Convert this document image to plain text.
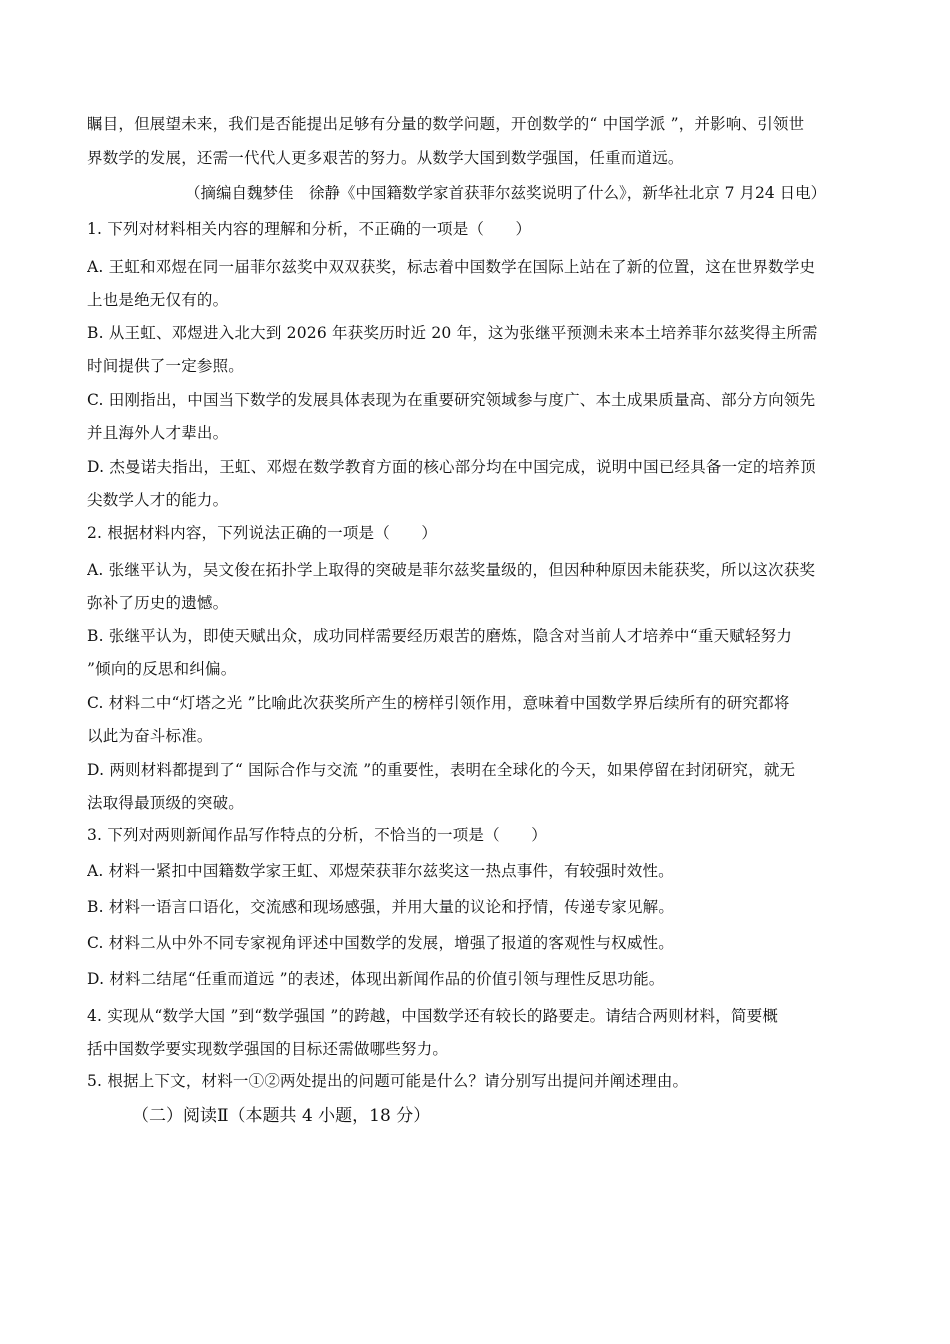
瞩目，但展望未来，我们是否能提出足够有分量的数学问题，开创数学的“ 中国学派 ”，并影响、引领世
界数学的发展，还需一代代人更多艰苦的努力。从数学大国到数学强国，任重而道远。
（摘编自魏梦佳　徐静《中国籍数学家首获菲尔兹奖说明了什么》，新华社北京 7 月24 日电）
1. 下列对材料相关内容的理解和分析，不正确的一项是（　　）
A. 王虹和邓煜在同一届菲尔兹奖中双双获奖，标志着中国数学在国际上站在了新的位置，这在世界数学史
上也是绝无仅有的。
B. 从王虹、邓煜进入北大到 2026 年获奖历时近 20 年，这为张继平预测未来本土培养菲尔兹奖得主所需
时间提供了一定参照。
C. 田刚指出，中国当下数学的发展具体表现为在重要研究领域参与度广、本土成果质量高、部分方向领先
并且海外人才辈出。
D. 杰曼诺夫指出，王虹、邓煜在数学教育方面的核心部分均在中国完成，说明中国已经具备一定的培养顶
尖数学人才的能力。
2. 根据材料内容，下列说法正确的一项是（　　）
A. 张继平认为，吴文俊在拓扑学上取得的突破是菲尔兹奖量级的，但因种种原因未能获奖，所以这次获奖
弥补了历史的遗憾。
B. 张继平认为，即使天赋出众，成功同样需要经历艰苦的磨炼，隐含对当前人才培养中“重天赋轻努力
”倾向的反思和纠偏。
C. 材料二中“灯塔之光 ”比喻此次获奖所产生的榜样引领作用，意味着中国数学界后续所有的研究都将
以此为奋斗标准。
D. 两则材料都提到了“ 国际合作与交流 ”的重要性，表明在全球化的今天，如果停留在封闭研究，就无
法取得最顶级的突破。
3. 下列对两则新闻作品写作特点的分析，不恰当的一项是（　　）
A. 材料一紧扣中国籍数学家王虹、邓煜荣获菲尔兹奖这一热点事件，有较强时效性。
B. 材料一语言口语化，交流感和现场感强，并用大量的议论和抒情，传递专家见解。
C. 材料二从中外不同专家视角评述中国数学的发展，增强了报道的客观性与权威性。
D. 材料二结尾“任重而道远 ”的表述，体现出新闻作品的价值引领与理性反思功能。
4. 实现从“数学大国 ”到“数学强国 ”的跨越，中国数学还有较长的路要走。请结合两则材料，简要概
括中国数学要实现数学强国的目标还需做哪些努力。
5. 根据上下文，材料一①②两处提出的问题可能是什么？请分别写出提问并阐述理由。
（二）阅读Ⅱ（本题共 4 小题，18 分）
